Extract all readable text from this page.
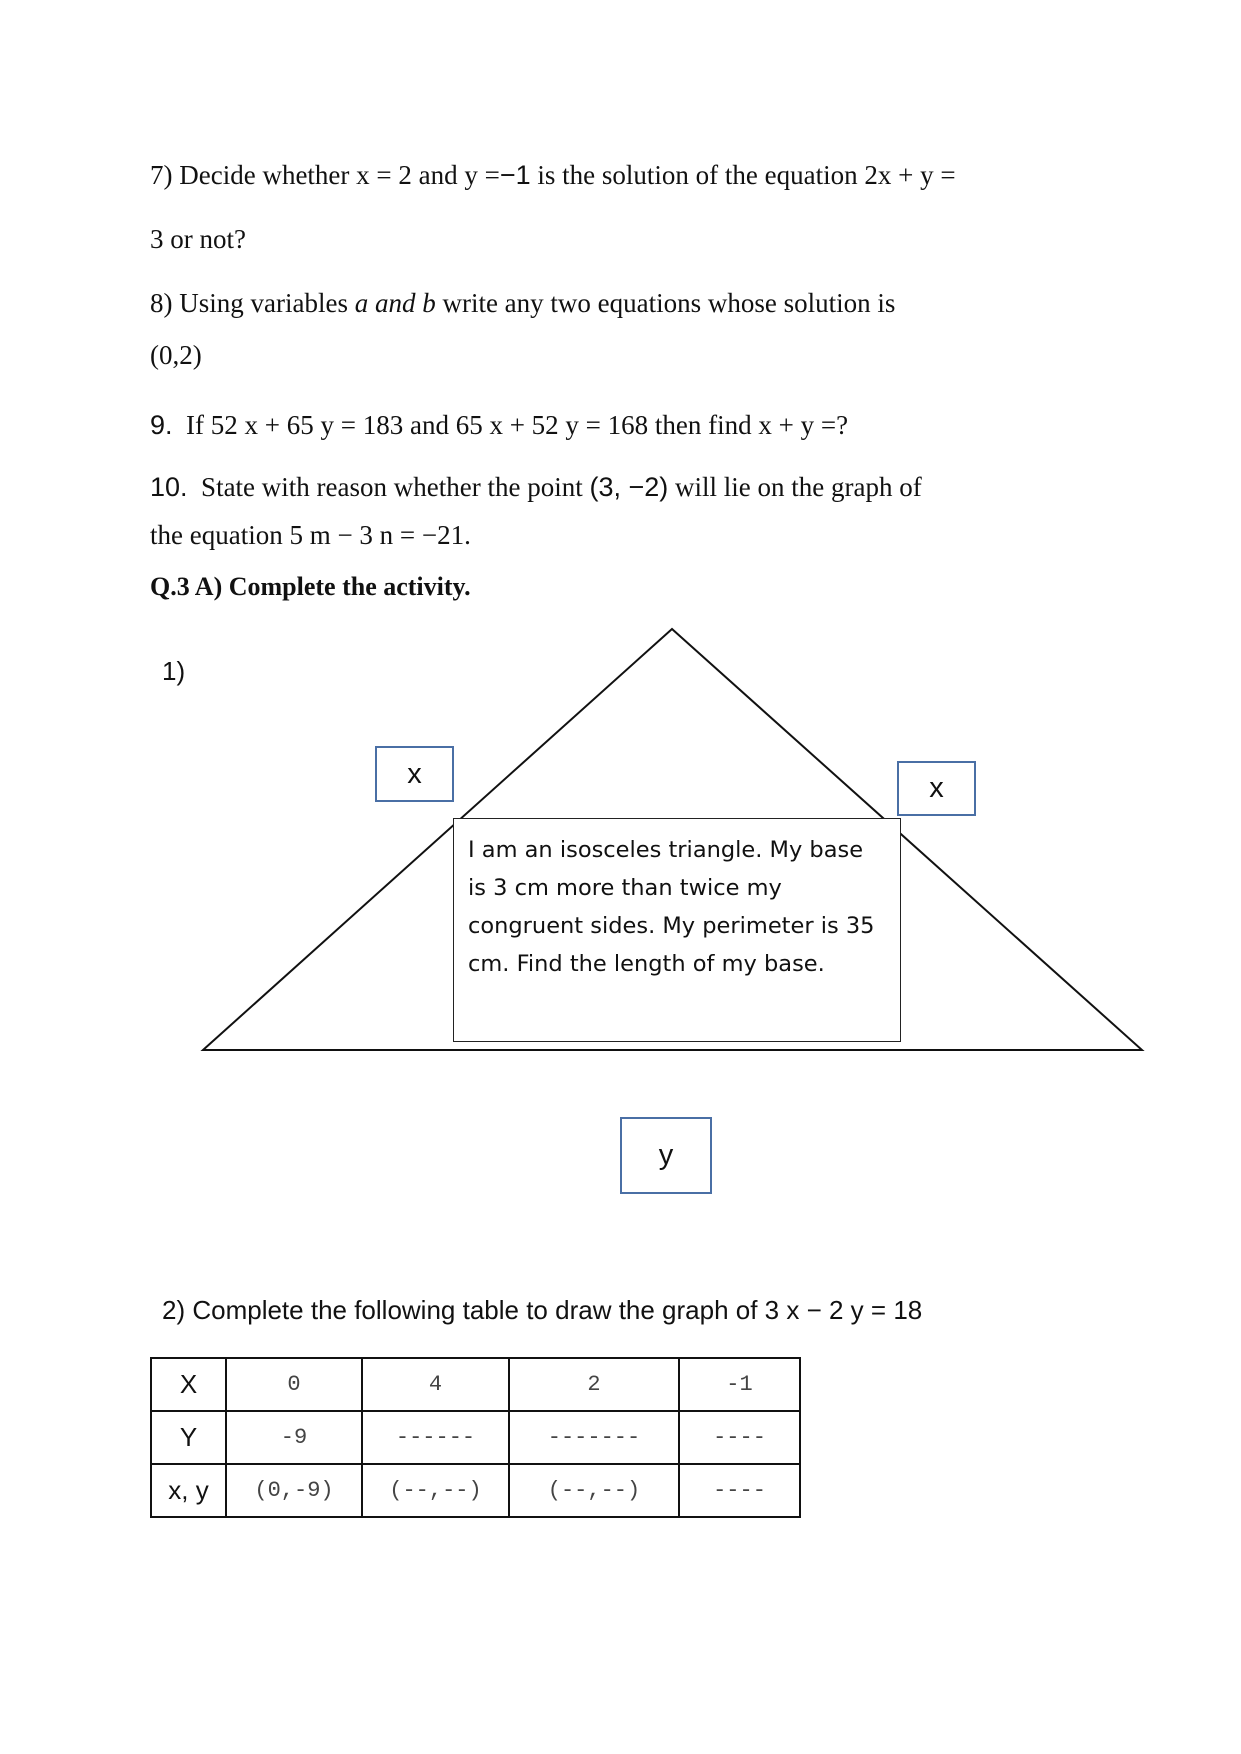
7) Decide whether x = 2 and y =−1 is the solution of the equation 2x + y =
3 or not?
8) Using variables a and b write any two equations whose solution is
(0,2)
9. If 52 x + 65 y = 183 and 65 x + 52 y = 168 then find x + y =?
10. State with reason whether the point (3, −2) will lie on the graph of
the equation 5 m − 3 n = −21.
Q.3 A) Complete the activity.
1)
x	x
y
I am an isosceles triangle. My base is 3 cm more than twice my congruent sides. My perimeter is 35 cm. Find the length of my base.
2) Complete the following table to draw the graph of 3 x − 2 y = 18
X	0	4	2	-1
Y	-9	------	-------	----
x, y	(0,-9)	(--,--)	(--,--)	----
